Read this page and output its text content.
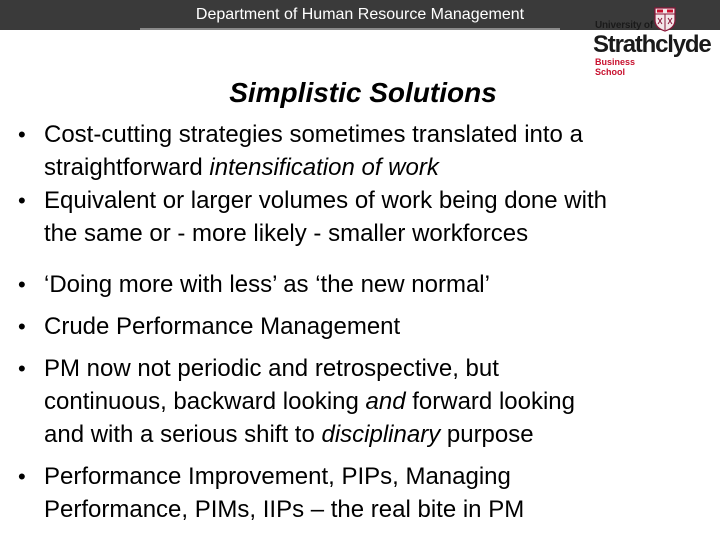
Department of Human Resource Management
University of
Strathclyde
Business
School
Simplistic Solutions
• Cost-cutting strategies sometimes translated into a
straightforward intensification of work
• Equivalent or larger volumes of work being done with
the same or - more likely - smaller workforces
• ‘Doing more with less’ as ‘the new normal’
• Crude Performance Management
• PM now not periodic and retrospective, but
continuous, backward looking and forward looking
and with a serious shift to disciplinary purpose
• Performance Improvement, PIPs, Managing
Performance, PIMs, IIPs – the real bite in PM
